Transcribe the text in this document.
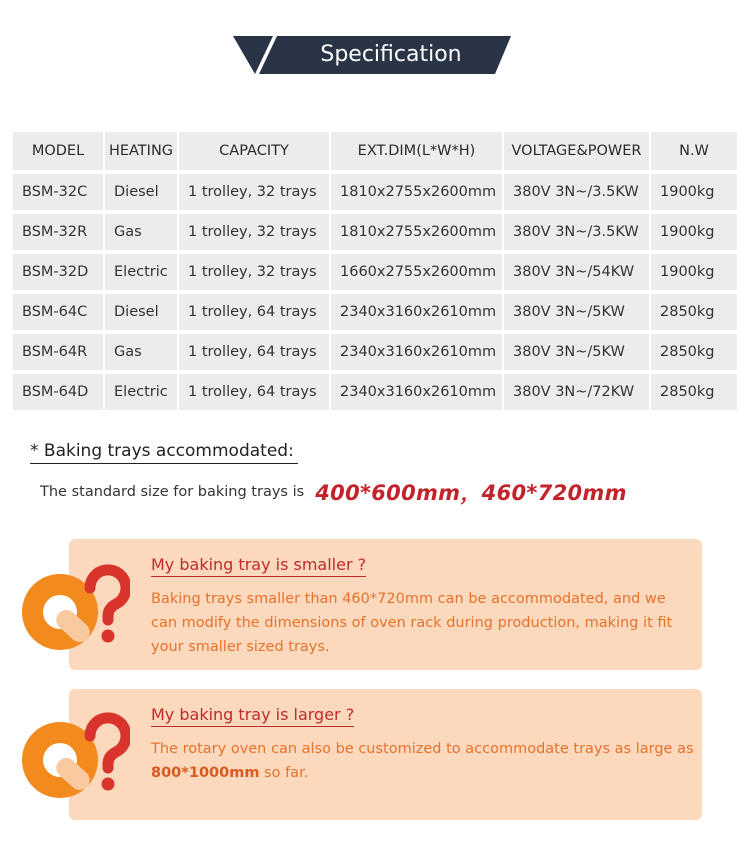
Specification
MODEL	HEATING	CAPACITY	EXT.DIM(L*W*H)	VOLTAGE&POWER	N.W
BSM-32C	Diesel	1 trolley, 32 trays	1810x2755x2600mm	380V 3N~/3.5KW	1900kg
BSM-32R	Gas	1 trolley, 32 trays	1810x2755x2600mm	380V 3N~/3.5KW	1900kg
BSM-32D	Electric	1 trolley, 32 trays	1660x2755x2600mm	380V 3N~/54KW	1900kg
BSM-64C	Diesel	1 trolley, 64 trays	2340x3160x2610mm	380V 3N~/5KW	2850kg
BSM-64R	Gas	1 trolley, 64 trays	2340x3160x2610mm	380V 3N~/5KW	2850kg
BSM-64D	Electric	1 trolley, 64 trays	2340x3160x2610mm	380V 3N~/72KW	2850kg
* Baking trays accommodated:
The standard size for baking trays is 400*600mm，460*720mm
My baking tray is smaller ?
Baking trays smaller than 460*720mm can be accommodated, and we can modify the dimensions of oven rack during production, making it fit your smaller sized trays.
My baking tray is larger ?
The rotary oven can also be customized to accommodate trays as large as 800*1000mm so far.
